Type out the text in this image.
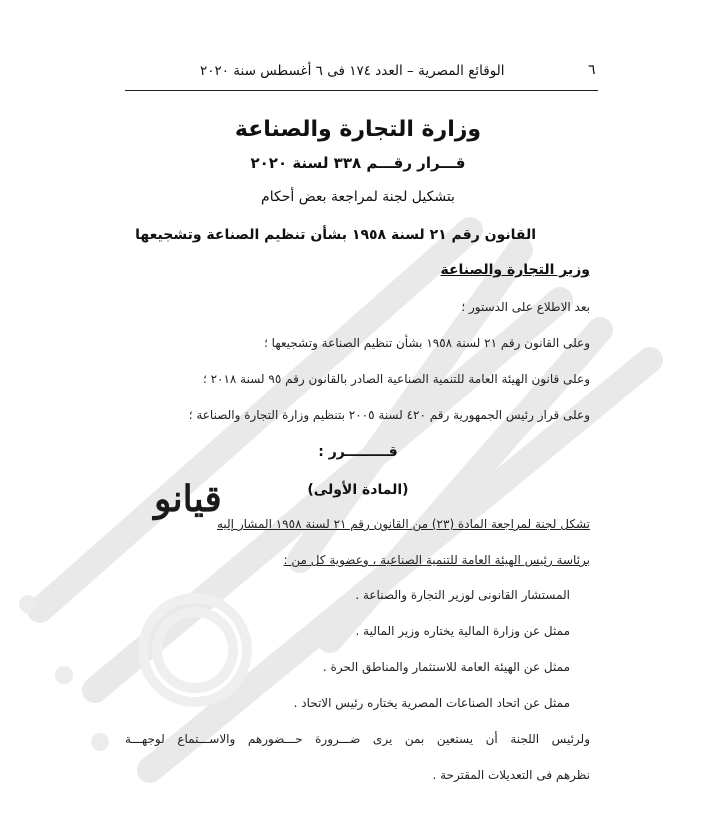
الوقائع المصرية – العدد ١٧٤ فى ٦ أغسطس سنة ٢٠٢٠	٦
وزارة التجارة والصناعة
قـــرار رقـــم ٣٣٨ لسنة ٢٠٢٠
بتشكيل لجنة لمراجعة بعض أحكام
القانون رقم ٢١ لسنة ١٩٥٨ بشأن تنظيم الصناعة وتشجيعها
وزير التجارة والصناعة
بعد الاطلاع على الدستور ؛
وعلى القانون رقم ٢١ لسنة ١٩٥٨ بشأن تنظيم الصناعة وتشجيعها ؛
وعلى قانون الهيئة العامة للتنمية الصناعية الصادر بالقانون رقم ٩٥ لسنة ٢٠١٨ ؛
وعلى قرار رئيس الجمهورية رقم ٤٢٠ لسنة ٢٠٠٥ بتنظيم وزارة التجارة والصناعة ؛
قـــــــــرر :
(المادة الأولى)
تشكل لجنة لمراجعة المادة (٢٣) من القانون رقم ٢١ لسنة ١٩٥٨ المشار إليه
برئاسة رئيس الهيئة العامة للتنمية الصناعية ، وعضوية كل من :
المستشار القانونى لوزير التجارة والصناعة .
ممثل عن وزارة المالية يختاره وزير المالية .
ممثل عن الهيئة العامة للاستثمار والمناطق الحرة .
ممثل عن اتحاد الصناعات المصرية يختاره رئيس الاتحاد .
ولرئيس اللجنة أن يستعين بمن يرى ضـــرورة حـــضورهم والاســـتماع لوجهـــة
نظرهم فى التعديلات المقترحة .
قيانو
